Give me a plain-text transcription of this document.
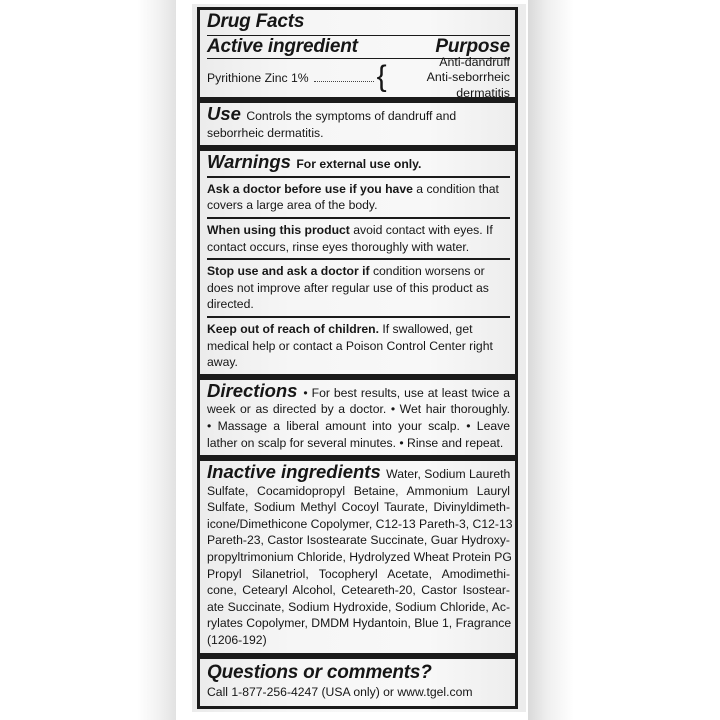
Drug Facts
Active ingredient	Purpose
Pyrithione Zinc 1% {	Anti-dandruff
Anti-seborrheic dermatitis
Use Controls the symptoms of dandruff and seborrheic dermatitis.
Warnings For external use only.
Ask a doctor before use if you have a condition that covers a large area of the body.
When using this product avoid contact with eyes. If contact occurs, rinse eyes thoroughly with water.
Stop use and ask a doctor if condition worsens or does not improve after regular use of this product as directed.
Keep out of reach of children. If swallowed, get medical help or contact a Poison Control Center right away.
Directions • For best results, use at least twice a
week or as directed by a doctor. • Wet hair thoroughly.
• Massage a liberal amount into your scalp. • Leave
lather on scalp for several minutes. • Rinse and repeat.
Inactive ingredients Water, Sodium Laureth
Sulfate, Cocamidopropyl Betaine, Ammonium Lauryl
Sulfate, Sodium Methyl Cocoyl Taurate, Divinyldimeth-
icone/Dimethicone Copolymer, C12-13 Pareth-3, C12-13
Pareth-23, Castor Isostearate Succinate, Guar Hydroxy-
propyltrimonium Chloride, Hydrolyzed Wheat Protein PG
Propyl Silanetriol, Tocopheryl Acetate, Amodimethi-
cone, Cetearyl Alcohol, Ceteareth-20, Castor Isostear-
ate Succinate, Sodium Hydroxide, Sodium Chloride, Ac-
rylates Copolymer, DMDM Hydantoin, Blue 1, Fragrance
(1206-192)
Questions or comments?
Call 1-877-256-4247 (USA only) or www.tgel.com
